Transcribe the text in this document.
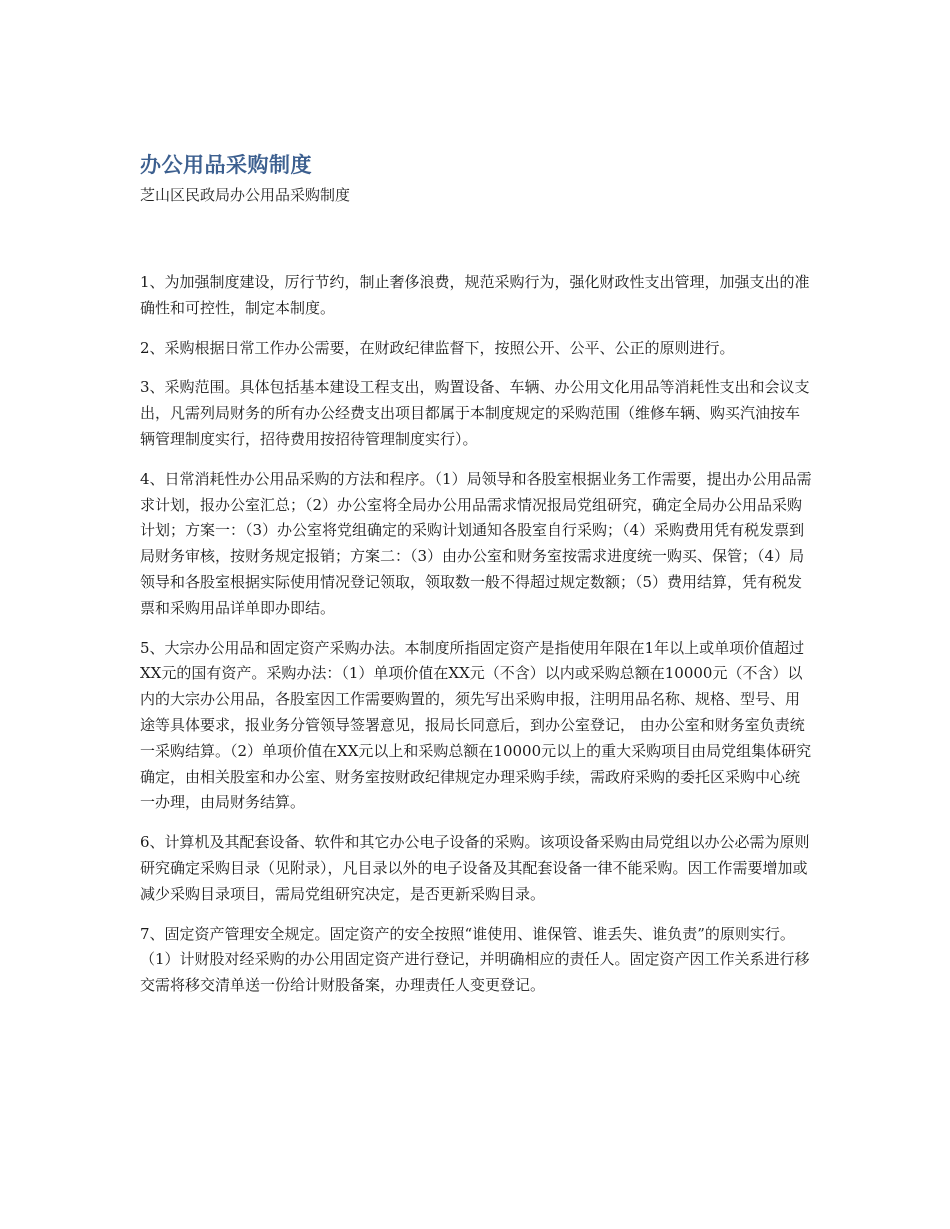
办公用品采购制度

芝山区民政局办公用品采购制度

1、为加强制度建设，厉行节约，制止奢侈浪费，规范采购行为，强化财政性支出管理，加强支出的准确性和可控性，制定本制度。

2、采购根据日常工作办公需要，在财政纪律监督下，按照公开、公平、公正的原则进行。

3、采购范围。具体包括基本建设工程支出，购置设备、车辆、办公用文化用品等消耗性支出和会议支出，凡需列局财务的所有办公经费支出项目都属于本制度规定的采购范围（维修车辆、购买汽油按车辆管理制度实行，招待费用按招待管理制度实行）。

4、日常消耗性办公用品采购的方法和程序。（1）局领导和各股室根据业务工作需要，提出办公用品需求计划，报办公室汇总；（2）办公室将全局办公用品需求情况报局党组研究，确定全局办公用品采购计划；方案一：（3）办公室将党组确定的采购计划通知各股室自行采购；（4）采购费用凭有税发票到局财务审核，按财务规定报销；方案二：（3）由办公室和财务室按需求进度统一购买、保管；（4）局领导和各股室根据实际使用情况登记领取，领取数一般不得超过规定数额；（5）费用结算，凭有税发票和采购用品详单即办即结。

5、大宗办公用品和固定资产采购办法。本制度所指固定资产是指使用年限在1年以上或单项价值超过XX元的国有资产。采购办法：（1）单项价值在XX元（不含）以内或采购总额在10000元（不含）以内的大宗办公用品，各股室因工作需要购置的，须先写出采购申报，注明用品名称、规格、型号、用途等具体要求，报业务分管领导签署意见，报局长同意后，到办公室登记， 由办公室和财务室负责统一采购结算。（2）单项价值在XX元以上和采购总额在10000元以上的重大采购项目由局党组集体研究确定，由相关股室和办公室、财务室按财政纪律规定办理采购手续，需政府采购的委托区采购中心统一办理，由局财务结算。

6、计算机及其配套设备、软件和其它办公电子设备的采购。该项设备采购由局党组以办公必需为原则研究确定采购目录（见附录），凡目录以外的电子设备及其配套设备一律不能采购。因工作需要增加或减少采购目录项目，需局党组研究决定，是否更新采购目录。

7、固定资产管理安全规定。固定资产的安全按照“谁使用、谁保管、谁丢失、谁负责”的原则实行。（1）计财股对经采购的办公用固定资产进行登记，并明确相应的责任人。固定资产因工作关系进行移交需将移交清单送一份给计财股备案，办理责任人变更登记。
